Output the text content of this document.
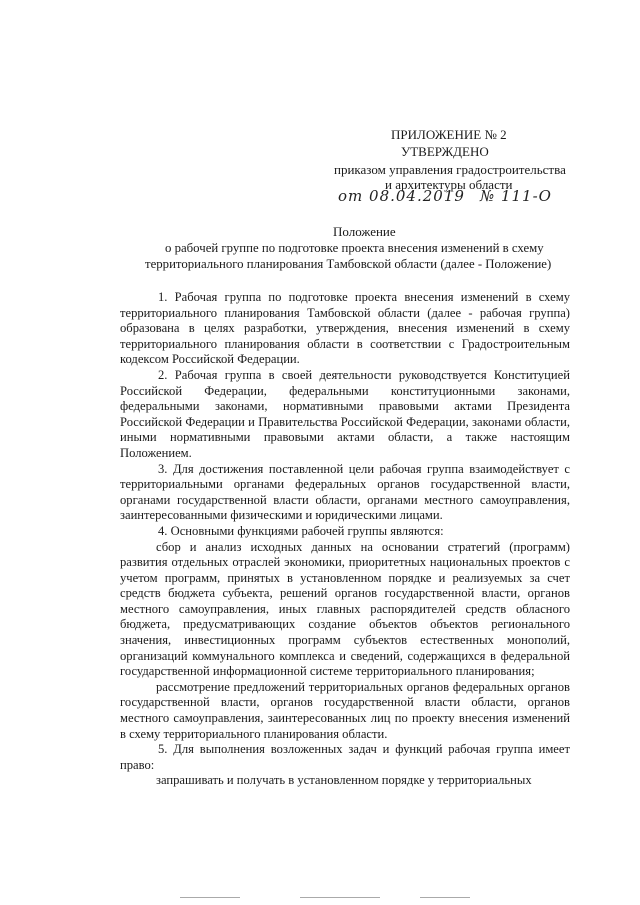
ПРИЛОЖЕНИЕ № 2
УТВЕРЖДЕНО
приказом управления градостроительства
и архитектуры области
от 08.04.2019 № 111-О
Положение
о рабочей группе по подготовке проекта внесения изменений в схему
территориального планирования Тамбовской области (далее - Положение)

1. Рабочая группа по подготовке проекта внесения изменений в схему территориального планирования Тамбовской области (далее - рабочая группа) образована в целях разработки, утверждения, внесения изменений в схему территориального планирования области в соответствии с Градостроительным кодексом Российской Федерации.

2. Рабочая группа в своей деятельности руководствуется Конституцией Российской Федерации, федеральными конституционными законами, федеральными законами, нормативными правовыми актами Президента Российской Федерации и Правительства Российской Федерации, законами области, иными нормативными правовыми актами области, а также настоящим Положением.

3. Для достижения поставленной цели рабочая группа взаимодействует с территориальными органами федеральных органов государственной власти, органами государственной власти области, органами местного самоуправления, заинтересованными физическими и юридическими лицами.

4. Основными функциями рабочей группы являются:

сбор и анализ исходных данных на основании стратегий (программ) развития отдельных отраслей экономики, приоритетных национальных проектов с учетом программ, принятых в установленном порядке и реализуемых за счет средств бюджета субъекта, решений органов государственной власти, органов местного самоуправления, иных главных распорядителей средств обласного бюджета, предусматривающих создание объектов объектов регионального значения, инвестиционных программ субъектов естественных монополий, организаций коммунального комплекса и сведений, содержащихся в федеральной государственной информационной системе территориального планирования;

рассмотрение предложений территориальных органов федеральных органов государственной власти, органов государственной власти области, органов местного самоуправления, заинтересованных лиц по проекту внесения изменений в схему территориального планирования области.

5. Для выполнения возложенных задач и функций рабочая группа имеет право:

запрашивать и получать в установленном порядке у территориальных
